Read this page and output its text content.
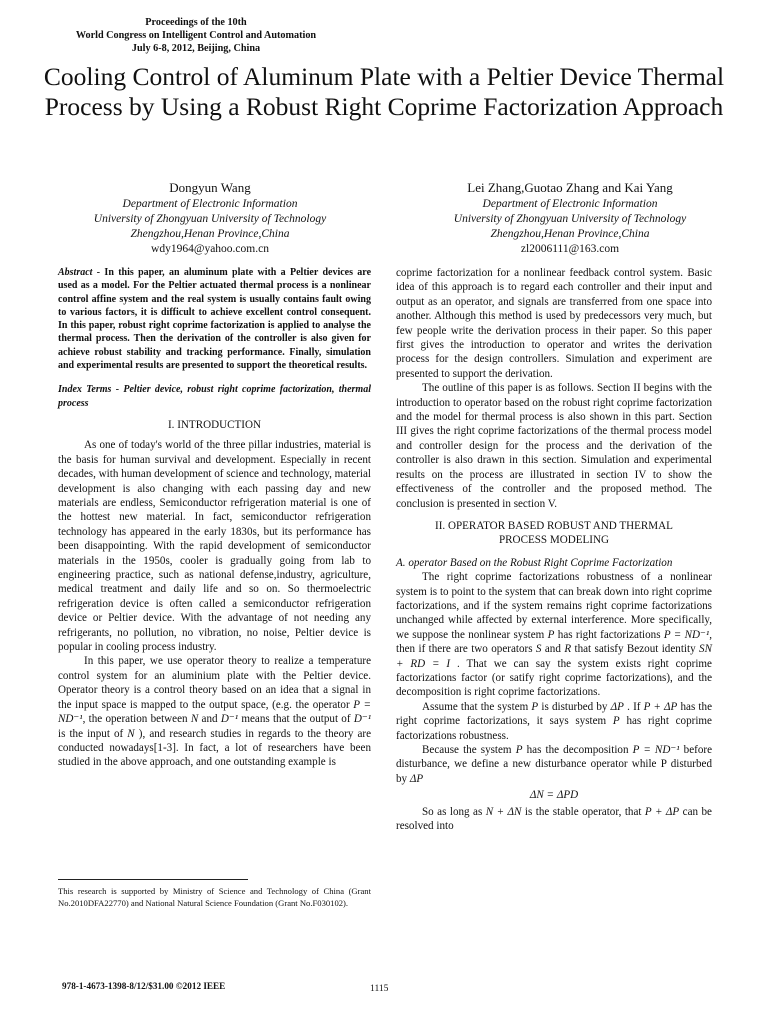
Proceedings of the 10th
World Congress on Intelligent Control and Automation
July 6-8, 2012, Beijing, China
Cooling Control of Aluminum Plate with a Peltier Device Thermal Process by Using a Robust Right Coprime Factorization Approach
Dongyun Wang
Department of Electronic Information
University of Zhongyuan University of Technology
Zhengzhou,Henan Province,China
wdy1964@yahoo.com.cn
Lei Zhang,Guotao Zhang and Kai Yang
Department of Electronic Information
University of Zhongyuan University of Technology
Zhengzhou,Henan Province,China
zl2006111@163.com

Abstract - In this paper, an aluminum plate with a Peltier devices are used as a model. For the Peltier actuated thermal process is a nonlinear control affine system and the real system is usually contains fault owing to various factors, it is difficult to achieve excellent control consequent. In this paper, robust right coprime factorization is applied to analyse the thermal process. Then the derivation of the controller is also given for achieve robust stability and tracking performance. Finally, simulation and experimental results are presented to support the theoretical results.

Index Terms - Peltier device, robust right coprime factorization, thermal process

I. INTRODUCTION

As one of today's world of the three pillar industries, material is the basis for human survival and development. Especially in recent decades, with human development of science and technology, material development is also changing with each passing day and new materials are endless, Semiconductor refrigeration material is one of the hottest new material. In fact, semiconductor refrigeration technology has appeared in the early 1830s, but its performance has been disappointing. With the rapid development of semiconductor materials in the 1950s, cooler is gradually going from lab to engineering practice, such as national defense,industry, agriculture, medical treatment and daily life and so on. So thermoelectric refrigeration device is often called a semiconductor refrigeration device or Peltier device. With the advantage of not needing any refrigerants, no pollution, no vibration, no noise, Peltier device is popular in cooling process industry.

In this paper, we use operator theory to realize a temperature control system for an aluminium plate with the Peltier device. Operator theory is a control theory based on an idea that a signal in the input space is mapped to the output space, (e.g. the operator P = ND⁻¹, the operation between N and D⁻¹ means that the output of D⁻¹ is the input of N ), and research studies in regards to the theory are conducted nowadays[1-3]. In fact, a lot of researchers have been studied in the above approach, and one outstanding example is

This research is supported by Ministry of Science and Technology of China (Grant No.2010DFA22770) and National Natural Science Foundation (Grant No.F030102).

coprime factorization for a nonlinear feedback control system. Basic idea of this approach is to regard each controller and their input and output as an operator, and signals are transferred from one space into another. Although this method is used by predecessors very much, but few people write the derivation process in their paper. So this paper first gives the introduction to operator and writes the derivation process for the design controllers. Simulation and experiment are presented to support the derivation.

The outline of this paper is as follows. Section II begins with the introduction to operator based on the robust right coprime factorization and the model for thermal process is also shown in this part. Section III gives the right coprime factorizations of the thermal process model and controller design for the process and the derivation of the controller is also drawn in this section. Simulation and experimental results on the process are illustrated in section IV to show the effectiveness of the controller and the proposed method. The conclusion is presented in section V.

II. OPERATOR BASED ROBUST AND THERMAL
PROCESS MODELING

A. operator Based on the Robust Right Coprime Factorization

The right coprime factorizations robustness of a nonlinear system is to point to the system that can break down into right coprime factorizations, and if the system remains right coprime factorizations unchanged while affected by external interference. More specifically, we suppose the nonlinear system P has right factorizations P = ND⁻¹, then if there are two operators S and R that satisfy Bezout identity SN + RD = I . That we can say the system exists right coprime factorizations factor (or satify right coprime factorizations), and the decomposition is right coprime factorizations.

Assume that the system P is disturbed by ΔP . If P + ΔP has the right coprime factorizations, it says system P has right coprime factorizations robustness.

Because the system P has the decomposition P = ND⁻¹ before disturbance, we define a new disturbance operator while P disturbed by ΔP

ΔN = ΔPD

So as long as N + ΔN is the stable operator, that P + ΔP can be resolved into

978-1-4673-1398-8/12/$31.00 ©2012 IEEE	1115
